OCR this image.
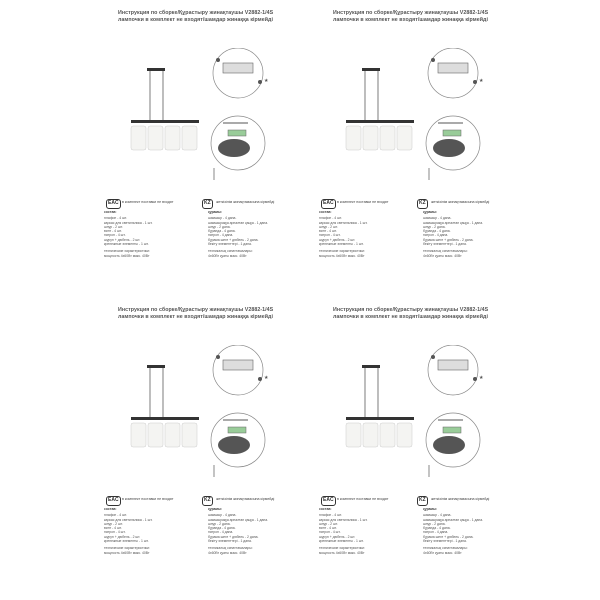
Инструкция по сборке/Құрастыру жинақтаушы V2882-1/4S
лампочки в комплект не входят/шамдар жинаққа кірмейді
★
EAC в комплект поставки не входят	KZ	жеткізілім жинақтамасына кірмейді
состав:
плафон - 4 шт.
каркас для светильника - 1 шт.
шнур - 2 шт.
винт - 4 шт.
патрон - 4 шт.
шуруп + дюбель - 2 шт.
крепежные элементы - 1 шт.
технические характеристики:
мощность 4х60Вт макс. 40Вт
құрамы:
шамшыр - 4 дана.
шамшыраққа арналған қаңқа - 1 дана.
шнур - 2 дана.
бұранда - 4 дана.
патрон - 4 дана.
бұрама шеге + дюбель - 2 дана.
бекіту элементтері - 1 дана.
техникалық сипаттамалары:
4х60Вт қуаты макс. 40Вт
Инструкция по сборке/Құрастыру жинақтаушы V2882-1/4S
лампочки в комплект не входят/шамдар жинаққа кірмейді
★
EAC в комплект поставки не входят	KZ	жеткізілім жинақтамасына кірмейді
состав:
плафон - 4 шт.
каркас для светильника - 1 шт.
шнур - 2 шт.
винт - 4 шт.
патрон - 4 шт.
шуруп + дюбель - 2 шт.
крепежные элементы - 1 шт.
технические характеристики:
мощность 4х60Вт макс. 40Вт
құрамы:
шамшыр - 4 дана.
шамшыраққа арналған қаңқа - 1 дана.
шнур - 2 дана.
бұранда - 4 дана.
патрон - 4 дана.
бұрама шеге + дюбель - 2 дана.
бекіту элементтері - 1 дана.
техникалық сипаттамалары:
4х60Вт қуаты макс. 40Вт
Инструкция по сборке/Құрастыру жинақтаушы V2882-1/4S
лампочки в комплект не входят/шамдар жинаққа кірмейді
★
EAC в комплект поставки не входят	KZ	жеткізілім жинақтамасына кірмейді
состав:
плафон - 4 шт.
каркас для светильника - 1 шт.
шнур - 2 шт.
винт - 4 шт.
патрон - 4 шт.
шуруп + дюбель - 2 шт.
крепежные элементы - 1 шт.
технические характеристики:
мощность 4х60Вт макс. 40Вт
құрамы:
шамшыр - 4 дана.
шамшыраққа арналған қаңқа - 1 дана.
шнур - 2 дана.
бұранда - 4 дана.
патрон - 4 дана.
бұрама шеге + дюбель - 2 дана.
бекіту элементтері - 1 дана.
техникалық сипаттамалары:
4х60Вт қуаты макс. 40Вт
Инструкция по сборке/Құрастыру жинақтаушы V2882-1/4S
лампочки в комплект не входят/шамдар жинаққа кірмейді
★
EAC в комплект поставки не входят	KZ	жеткізілім жинақтамасына кірмейді
состав:
плафон - 4 шт.
каркас для светильника - 1 шт.
шнур - 2 шт.
винт - 4 шт.
патрон - 4 шт.
шуруп + дюбель - 2 шт.
крепежные элементы - 1 шт.
технические характеристики:
мощность 4х60Вт макс. 40Вт
құрамы:
шамшыр - 4 дана.
шамшыраққа арналған қаңқа - 1 дана.
шнур - 2 дана.
бұранда - 4 дана.
патрон - 4 дана.
бұрама шеге + дюбель - 2 дана.
бекіту элементтері - 1 дана.
техникалық сипаттамалары:
4х60Вт қуаты макс. 40Вт
